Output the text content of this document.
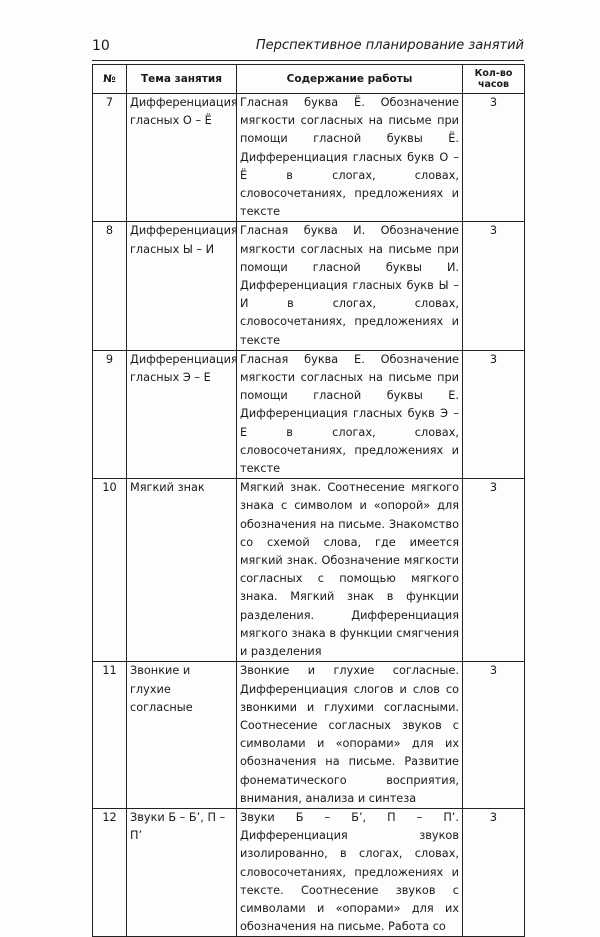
10	Перспективное планирование занятий
№	Тема занятия	Содержание работы	Кол-во часов
7	Дифференциация гласных О – Ё	Гласная буква Ё. Обозначение мягкости согласных на письме при помощи гласной буквы Ё. Дифференциация гласных букв О – Ё в слогах, словах, словосочетаниях, предложениях и тексте	3
8	Дифференциация гласных Ы – И	Гласная буква И. Обозначение мягкости согласных на письме при помощи гласной буквы И. Дифференциация гласных букв Ы – И в слогах, словах, словосочетаниях, предложениях и тексте	3
9	Дифференциация гласных Э – Е	Гласная буква Е. Обозначение мягкости согласных на письме при помощи гласной буквы Е. Дифференциация гласных букв Э – Е в слогах, словах, словосочетаниях, предложениях и тексте	3
10	Мягкий знак	Мягкий знак. Соотнесение мягкого знака с символом и «опорой» для обозначения на письме. Знакомство со схемой слова, где имеется мягкий знак. Обозначение мягкости согласных с помощью мягкого знака. Мягкий знак в функции разделения. Дифференциация мягкого знака в функции смягчения и разделения	3
11	Звонкие и глухие согласные	Звонкие и глухие согласные. Дифференциация слогов и слов со звонкими и глухими согласными. Соотнесение согласных звуков с символами и «опорами» для их обозначения на письме. Развитие фонематического восприятия, внимания, анализа и синтеза	3
12	Звуки Б – Б’, П – П’	Звуки Б – Б’, П – П’. Дифференциация звуков изолированно, в слогах, словах, словосочетаниях, предложениях и тексте. Соотнесение звуков с символами и «опорами» для их обозначения на письме. Работа со	3
